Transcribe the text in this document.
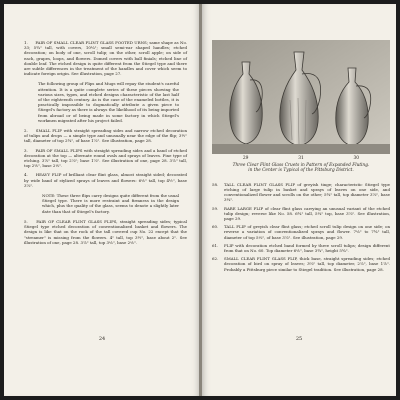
1. PAIR OF SMALL CLEAR FLINT GLASS FOOTED URNS; same shape as No. 33; 5¾" tall, with covers, 10¼"; small semi-ear shaped handles; etched decoration; on body of one, scroll tulip; on the other, scroll apple; on side of each, grapes, loops, and flowers. Domed covers with ball finials; etched line of double leaf. The etched design is quite different from the Stiegel type and there are subtle differences in the treatment of the handles and cover which seem to indicate foreign origin. See illustration, page 27.

The following group of Flips and Mugs will repay the student's careful attention. It is a quite complete series of these pieces showing the various sizes, types, and etched designs characteristic of the last half of the eighteenth century. As is the case of the enameled bottles, it is practically impossible to dogmatically attribute a given piece to Stiegel's factory as there is always the likelihood of its being imported from abroad or of being made in some factory in which Stiegel's workmen migrated after his project failed.

2. SMALL FLIP with straight spreading sides and narrow etched decoration of tulips and drops — a simple type and unusually near the edge of the flip; 3½" tall, diameter of top 2¾", of base 1⅞". See illustration, page 28.

3. PAIR OF SMALL FLIPS with straight spreading sides and a band of etched decoration at the top — alternate round ovals and sprays of leaves. Fine type of etching. 3⅞" tall, top 2⅞"; base 1⅞". See illustration of one, page 28. 3⅞" tall, top 2⅝", base 2⅛".

4. HEAVY FLIP of brilliant clear flint glass, almost straight sided; decorated by wide band of stylized sprays of leaves and flowers: 6⅛" tall, top 4½", base 3⅞".

NOTE: These three flips carry designs quite different from the usual Stiegel type. There is more restraint and firmness in the design which, plus the quality of the glass, seems to denote a slightly later date than that of Stiegel's factory.

5. PAIR OF CLEAR FLINT GLASS FLIPS, straight spreading sides; typical Stiegel type etched decoration of conventionalized basket and flowers. The design is like that on the rock of the tall covered cup No. 22 except that the "streamer" is missing from the flowers. 4" tall, top 3½", base about 2". See illustration of one, page 28. 3⅞" tall, top 3⅛", base 2⅛".

24
29	31	30
Three Clear Flint Glass Cruets in Pattern of Expanded Fluting.
in the Center is Typical of the Pittsburg District.
58.	TALL CLEAR FLINT GLASS FLIP of greyish tinge; characteristic Stiegel type etching of large tulip in basket and sprays of leaves on one side, and conventionalized flower and scrolls on the other; 5¾" tall, top diameter 3⅞", base 3¼".
59.	RARE LARGE FLIP of clear flint glass carrying an unusual variant of the etched tulip design; reverse like No. 58. 6¾" tall, 5¼" top, base 3⅞". See illustration, page 29.
60.	TALL FLIP of greyish clear flint glass; etched scroll tulip design on one side; on reverse a variation of conventionalized sprays and flower. 7⅛" to 7¾" tall, diameter of top 5⅛", of base 3⅞". See illustration, page 29.
61.	FLIP with decoration etched band formed by three scroll tulips; design different from that on No. 60. Top diameter 6⅛", base 3¾", height 5¾".
62.	SMALL CLEAR FLINT GLASS FLIP, thick base, straight spreading sides; etched decoration of bird on spray of leaves; 3⅝" tall, top diameter, 2⅞", base 1⅞". Probably a Pittsburg piece similar to Stiegel tradition. See illustration, page 28.
25
